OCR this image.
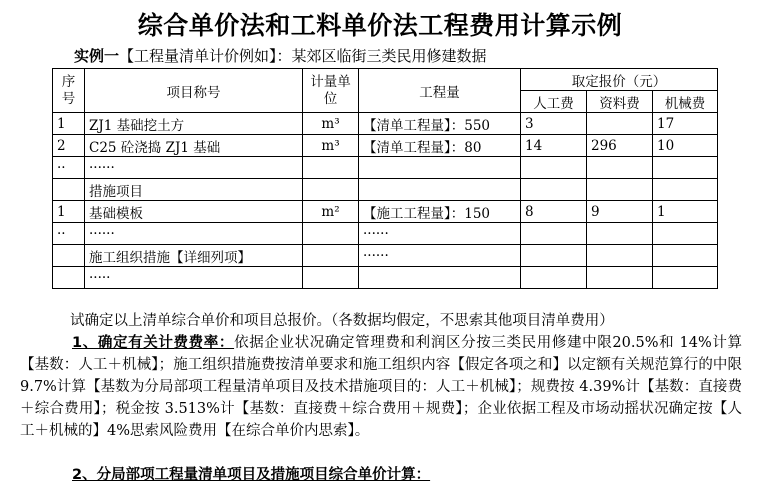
综合单价法和工料单价法工程费用计算示例
实例一【工程量清单计价例如】：某郊区临街三类民用修建数据
序号	项目称号	计量单位	工程量	取定报价（元）		
				人工费	资料费	机械费
1	ZJ1 基础挖土方	m³	【清单工程量】：550	3		17
2	C25 砼浇捣 ZJ1 基础	m³	【清单工程量】：80	14	296	10
··	······					
	措施项目					
1	基础模板	m²	【施工工程量】：150	8	9	1
··	······		······			
	施工组织措施【详细列项】		······			
	·····					
试确定以上清单综合单价和项目总报价。（各数据均假定，不思索其他项目清单费用）
1、确定有关计费费率：依据企业状况确定管理费和利润区分按三类民用修建中限20.5%和 14%计算【基数：人工＋机械】；施工组织措施费按清单要求和施工组织内容【假定各项之和】以定额有关规范算行的中限 9.7%计算【基数为分局部项工程量清单项目及技术措施项目的：人工＋机械】；规费按 4.39%计【基数：直接费＋综合费用】；税金按 3.513%计【基数：直接费＋综合费用＋规费】；企业依据工程及市场动摇状况确定按【人工＋机械的】4%思索风险费用【在综合单价内思索】。
2、分局部项工程量清单项目及措施项目综合单价计算：
